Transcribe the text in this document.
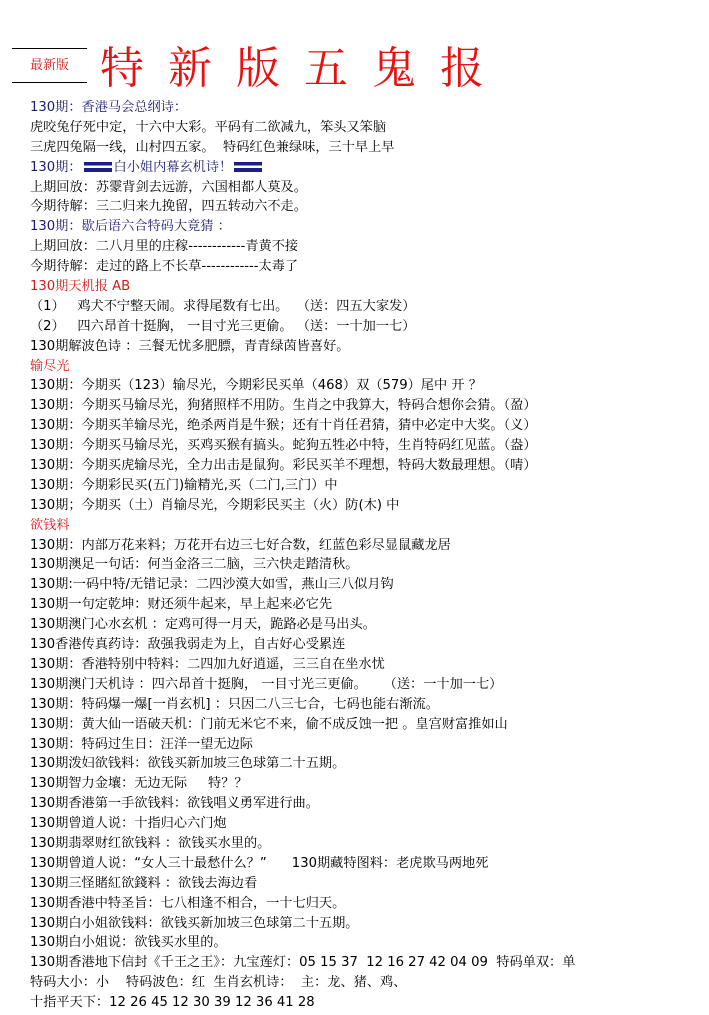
最新版 特新版五鬼报
130期：香港马会总纲诗：
虎咬兔仔死中定，十六中大彩。平码有二欲减九，笨头又笨脑
三虎四兔隔一线，山村四五家。  特码红色兼绿味，三十早上早
130期： 白小姐内幕玄机诗！
上期回放：苏霥背剑去远游，六国相都人莫及。
今期待解：三二归来九挽留，四五转动六不走。
130期：歇后语六合特码大竟猜 ：
上期回放：二八月里的庄稼------------青黄不接
今期待解：走过的路上不长草------------太毒了
130期天机报 AB
（1）   鸡犬不宁整天闹。求得尾数有七出。  （送：四五大家发）
（2）   四六昂首十挺胸， 一目寸光三更偷。 （送：一十加一七）
130期解波色诗 ：三餐无忧多肥膘，青青绿茵皆喜好。
输尽光
130期：今期买（123）输尽光，今期彩民买单（468）双（579）尾中 开 ？
130期：今期买马输尽光，狗猪照样不用防。生肖之中我算大，特码合想你会猜。（盈）
130期：今期买羊输尽光，绝杀两肖是牛猴；还有十肖任君猜，猜中必定中大奖。（义）
130期：今期买马输尽光，买鸡买猴有搞头。蛇狗五牲必中特，生肖特码红见蓝。（盎）
130期：今期买虎输尽光，全力出击是鼠狗。彩民买羊不理想，特码大数最理想。（啨）
130期：今期彩民买(五门)输精光,买（二门,三门）中
130期；今期买（土）肖输尽光，今期彩民买主（火）防(木) 中
欲钱料
130期：内部万花来料；万花开右边三七好合数，红蓝色彩尽显鼠藏龙居
130期澳足一句话：何当金洛三二脑，三六快走踏清秋。
130期:一码中特/无错记录：二四沙漠大如雪，燕山三八似月钩
130期一句定乾坤：财还须牛起来，早上起来必它先
130期澳门心水玄机 ：定鸡可得一月天，跪路必是马出头。
130香港传真药诗：敌强我弱走为上，自古好心受累连
130期：香港特别中特料：二四加九好逍遥，三三自在坐水忧
130期澳门天机诗 ：四六昂首十挺胸， 一目寸光三更偷。    （送：一十加一七）
130期：特码爆一爆[一肖玄机] ：只因二八三七合，七码也能右渐流。
130期：黄大仙一语破天机：门前无米它不来，偷不成反蚀一把 。皇宫财富推如山
130期：特码过生日：汪洋一望无边际
130期泼妇欲钱料：欲钱买新加坡三色球第二十五期。
130期智力金壤：无边无际     特？？
130期香港第一手欲钱料：欲钱唱义勇军进行曲。
130期曾道人说：十指归心六门炮
130期翡翠财红欲钱料 ：欲钱买水里的。
130期曾道人说：“女人三十最愁什么？”      130期藏特图料：老虎欺马两地死
130期三怪賭紅欲錢料 ：欲钱去海边看
130期香港中特圣旨：七八相逢不相合，一十七归天。
130期白小姐欲钱料：欲钱买新加坡三色球第二十五期。
130期白小姐说：欲钱买水里的。
130期香港地下信封《千王之王》：九宝莲灯：05 15 37  12 16 27 42 04 09  特码单双：单
特码大小：小    特码波色：红  生肖玄机诗：  主：龙、猪、鸡、
十指平天下：12 26 45 12 30 39 12 36 41 28
